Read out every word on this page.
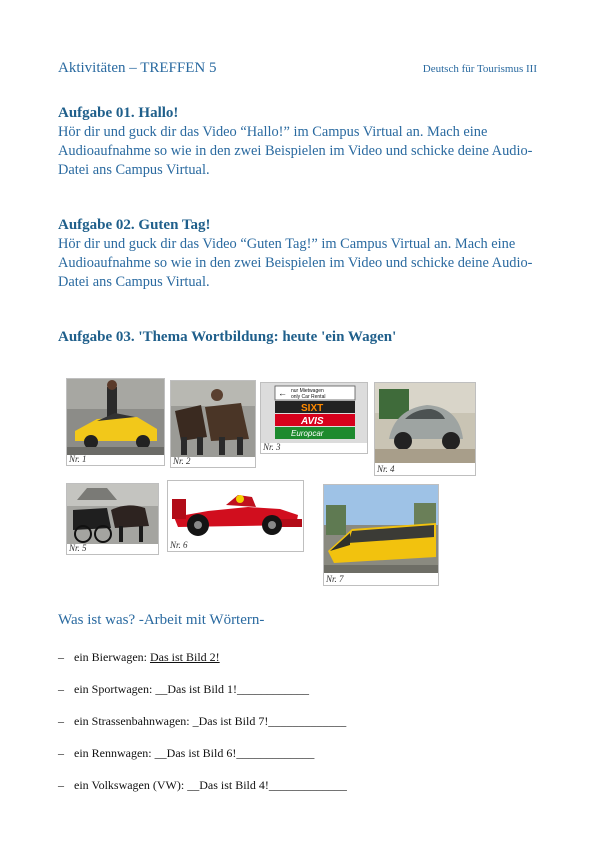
Aktivitäten – TREFFEN 5	Deutsch für Tourismus III
Aufgabe 01. Hallo!

Hör dir und guck dir das Video “Hallo!” im Campus Virtual an. Mach eine Audioaufnahme so wie in den zwei Beispielen im Video und schicke deine Audio-Datei ans Campus Virtual.

Aufgabe 02. Guten Tag!

Hör dir und guck dir das Video “Guten Tag!” im Campus Virtual an. Mach eine Audioaufnahme so wie in den zwei Beispielen im Video und schicke deine Audio-Datei ans Campus Virtual.

Aufgabe 03. 'Thema Wortbildung: heute 'ein Wagen'
Nr. 1	Nr. 2
← nur Mietwagen
only Car Rental
SIXT
AVIS
Europcar
Nr. 3
Nr. 4
Nr. 5	Nr. 6
Nr. 7
Was ist was? -Arbeit mit Wörtern-
– ein Bierwagen: Das ist Bild 2!
– ein Sportwagen: __Das ist Bild 1!____________
– ein Strassenbahnwagen: _Das ist Bild 7!_____________
– ein Rennwagen: __Das ist Bild 6!_____________
– ein Volkswagen (VW): __Das ist Bild 4!_____________
